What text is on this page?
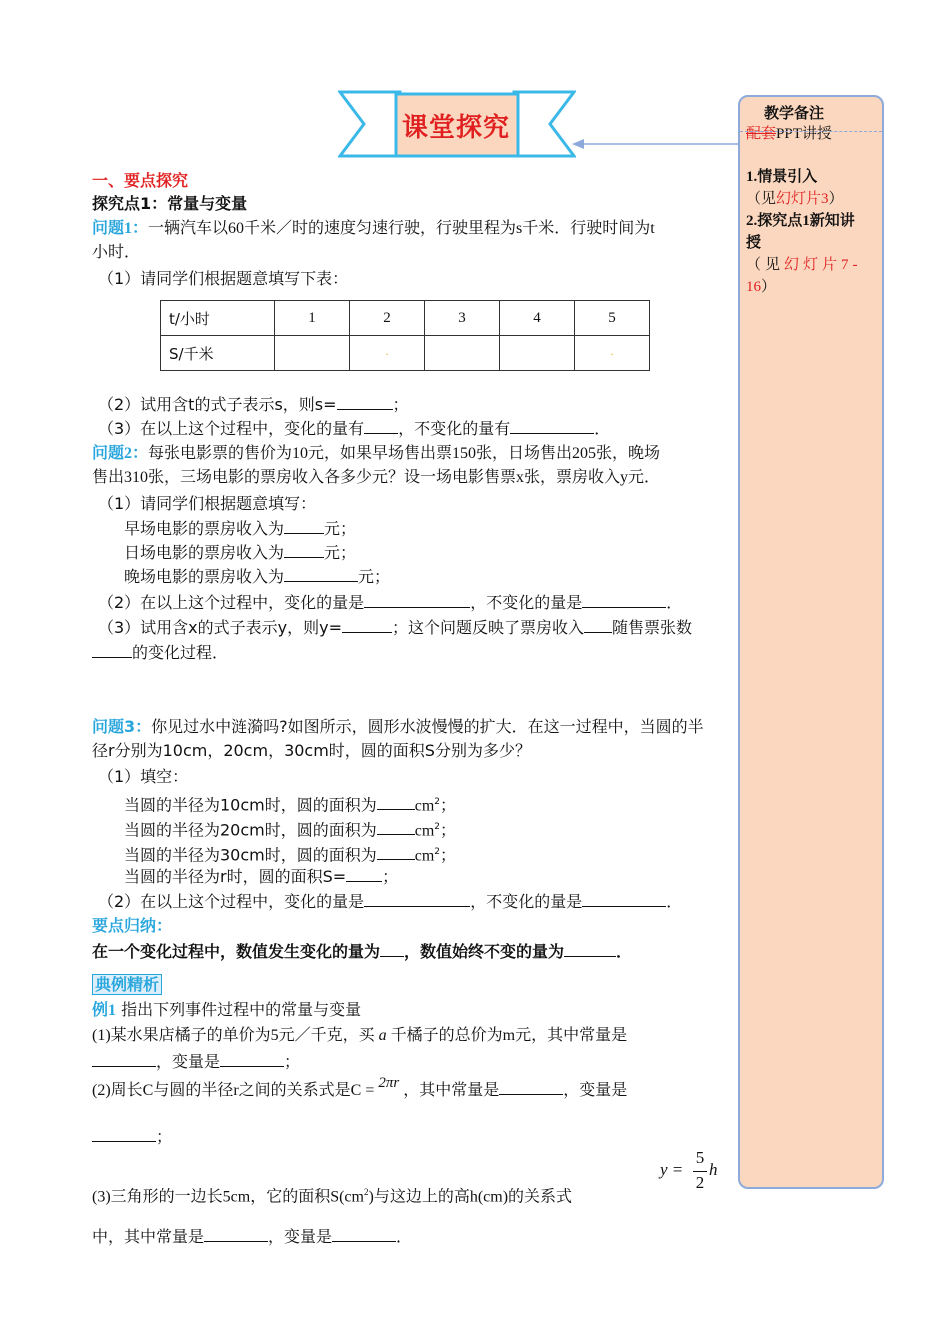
课堂探究	教学备注
配套PPT讲授
1.情景引入
（见幻灯片3）
2.探究点1新知讲
授
（见幻灯片7-
16）
一、要点探究
探究点1：常量与变量
问题1：一辆汽车以60千米／时的速度匀速行驶，行驶里程为s千米．行驶时间为t
小时．
（1）请同学们根据题意填写下表：
t/小时	1	2	3	4	5
S/千米		·			·
（2）试用含t的式子表示s，则s=	；
（3）在以上这个过程中，变化的量有 ，不变化的量有	．
问题2：每张电影票的售价为10元，如果早场售出票150张，日场售出205张，晚场
售出310张，三场电影的票房收入各多少元？设一场电影售票x张，票房收入y元．
（1）请同学们根据题意填写：
早场电影的票房收入为	元；
日场电影的票房收入为	元；
晚场电影的票房收入为	元；
（2）在以上这个过程中，变化的量是	，不变化的量是	．
（3）试用含x的式子表示y，则y=	；这个问题反映了票房收入 随售票张数
的变化过程．
问题3：你见过水中涟漪吗?如图所示，圆形水波慢慢的扩大．在这一过程中，当圆的半
径r分别为10cm，20cm，30cm时，圆的面积S分别为多少？
（1）填空：
当圆的半径为10cm时，圆的面积为 $cm^2$；
当圆的半径为20cm时，圆的面积为 $cm^2$；
当圆的半径为30cm时，圆的面积为 $cm^2$；
当圆的半径为r时，圆的面积S= ；
（2）在以上这个过程中，变化的量是	，不变化的量是	．
要点归纳：
在一个变化过程中，数值发生变化的量为 ，数值始终不变的量为	．
典例精析
例1 指出下列事件过程中的常量与变量
(1)某水果店橘子的单价为5元／千克，买 a 千橘子的总价为m元，其中常量是
，变量是	；
(2)周长C与圆的半径r之间的关系式是C = 2πr ，其中常量是	，变量是
；
y =
5
2
h
(3)三角形的一边长5cm，它的面积$S(cm^2)$与这边上的高h(cm)的关系式
中，其中常量是	，变量是	．
